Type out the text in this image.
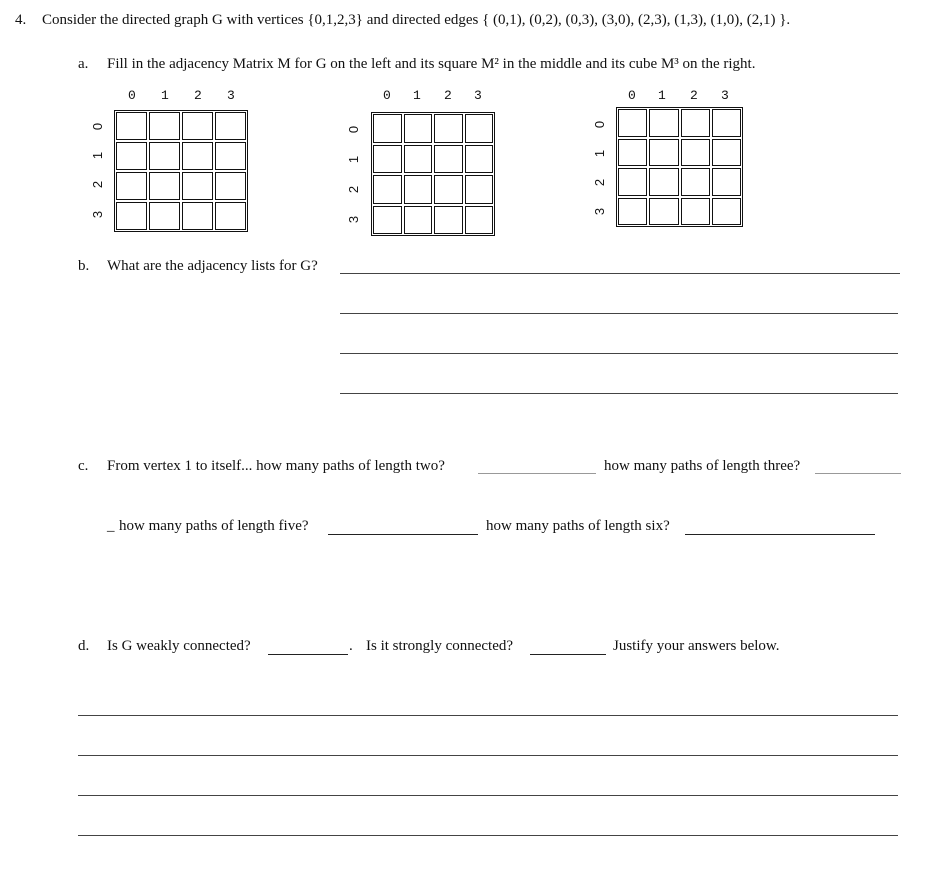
4. Consider the directed graph G with vertices {0,1,2,3} and directed edges { (0,1), (0,2), (0,3), (3,0), (2,3), (1,3), (1,0), (2,1) }.
a. Fill in the adjacency Matrix M for G on the left and its square M² in the middle and its cube M³ on the right.
0 1 2 3
0
1
2
3
0 1 2 3
0
1
2
3
0 1 2 3
0
1
2
3
b. What are the adjacency lists for G?
c. From vertex 1 to itself... how many paths of length two?	how many paths of length three?
_ how many paths of length five?	how many paths of length six?
d. Is G weakly connected?	. Is it strongly connected?	Justify your answers below.
